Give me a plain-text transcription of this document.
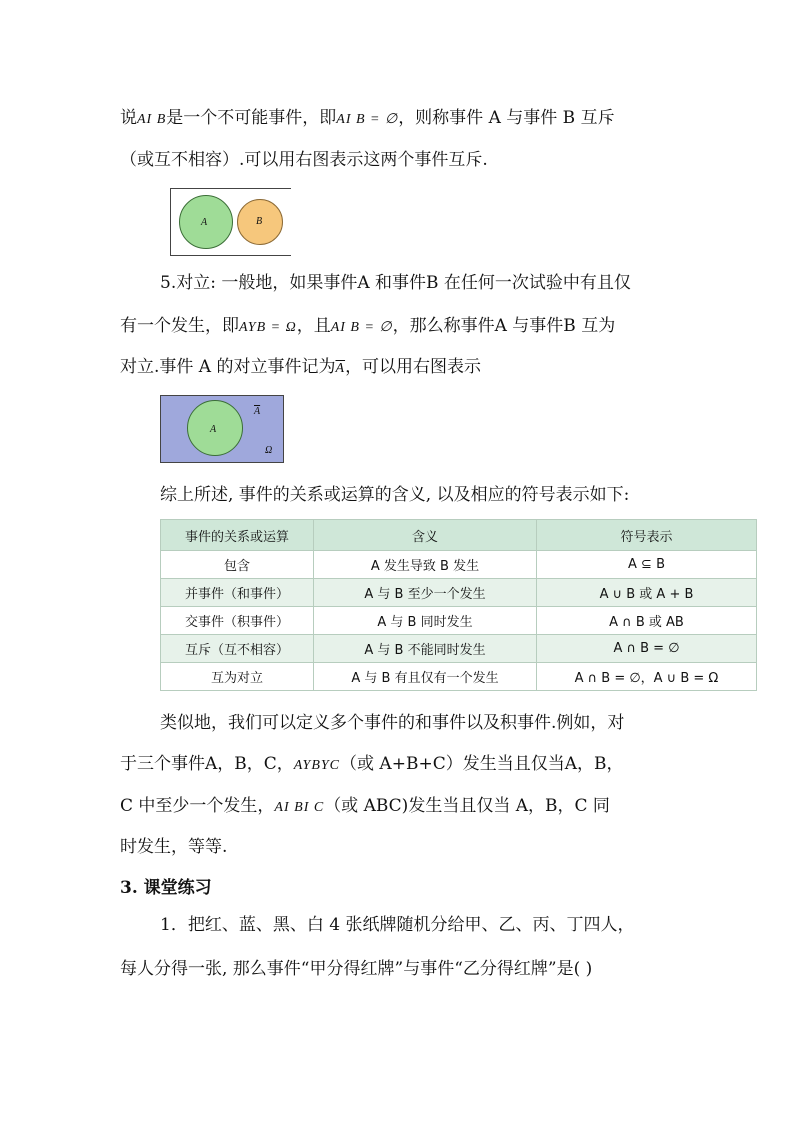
说AI B是一个不可能事件，即AI B = ∅，则称事件 A 与事件 B 互斥
（或互不相容）.可以用右图表示这两个事件互斥.
A	B
5.对立: 一般地，如果事件A 和事件B 在任何一次试验中有且仅
有一个发生，即AYB = Ω，且AI B = ∅，那么称事件A 与事件B 互为
对立.事件 A 的对立事件记为$\overline{A}$，可以用右图表示
A
$\overline{A}$
Ω
综上所述, 事件的关系或运算的含义, 以及相应的符号表示如下:
事件的关系或运算	含义	符号表示
包含	A 发生导致 B 发生	A ⊆ B
并事件（和事件）	A 与 B 至少一个发生	A ∪ B 或 A + B
交事件（积事件）	A 与 B 同时发生	A ∩ B 或 AB
互斥（互不相容）	A 与 B 不能同时发生	A ∩ B = ∅
互为对立	A 与 B 有且仅有一个发生	A ∩ B = ∅，A ∪ B = Ω
类似地，我们可以定义多个事件的和事件以及积事件.例如，对
于三个事件A，B，C，AYBYC（或 A+B+C）发生当且仅当A，B，
C 中至少一个发生，AI BI C（或 ABC)发生当且仅当 A，B，C 同
时发生，等等.
3. 课堂练习
1．把红、蓝、黑、白 4 张纸牌随机分给甲、乙、丙、丁四人，
每人分得一张, 那么事件“甲分得红牌”与事件“乙分得红牌”是( )
